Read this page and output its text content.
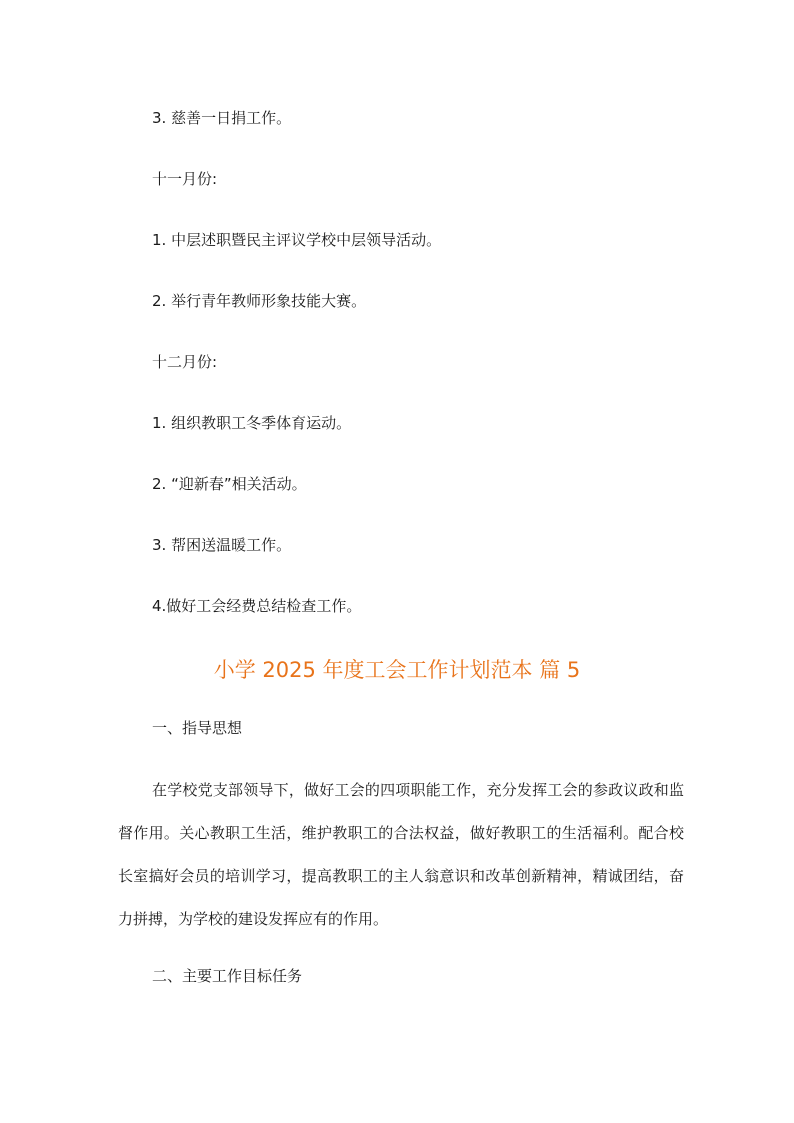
3. 慈善一日捐工作。
十一月份:
1. 中层述职暨民主评议学校中层领导活动。
2. 举行青年教师形象技能大赛。
十二月份:
1. 组织教职工冬季体育运动。
2. “迎新春”相关活动。
3. 帮困送温暖工作。
4.做好工会经费总结检查工作。
小学 2025 年度工会工作计划范本 篇 5
一、指导思想
在学校党支部领导下，做好工会的四项职能工作，充分发挥工会的参政议政和监督作用。关心教职工生活，维护教职工的合法权益，做好教职工的生活福利。配合校长室搞好会员的培训学习，提高教职工的主人翁意识和改革创新精神，精诚团结，奋力拼搏，为学校的建设发挥应有的作用。
二、主要工作目标任务
